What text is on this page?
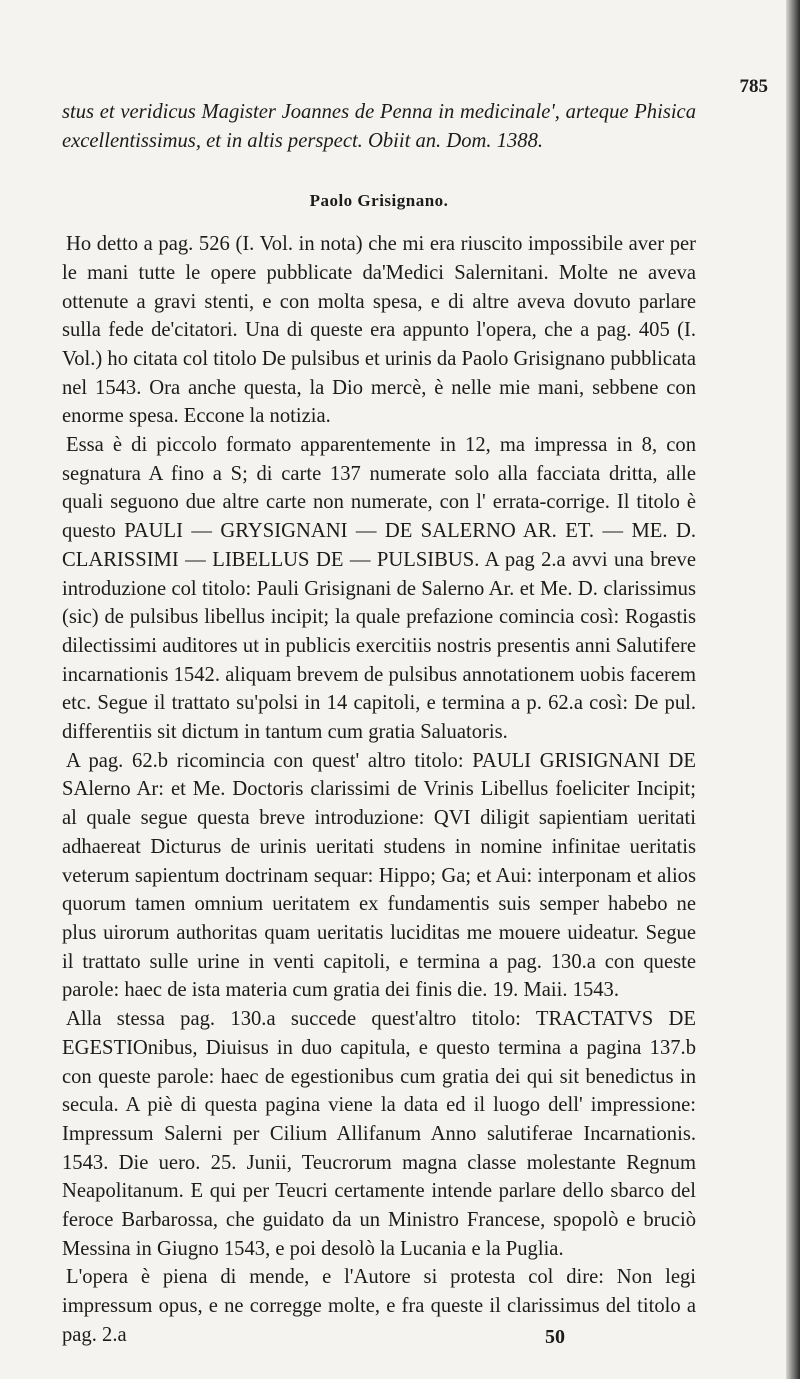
785

stus et veridicus Magister Joannes de Penna in medicinale', arteque Phisica excellentissimus, et in altis perspect. Obiit an. Dom. 1388.

Paolo Grisignano.

Ho detto a pag. 526 (I. Vol. in nota) che mi era riuscito impossibile aver per le mani tutte le opere pubblicate da'Medici Salernitani. Molte ne aveva ottenute a gravi stenti, e con molta spesa, e di altre aveva dovuto parlare sulla fede de'citatori. Una di queste era appunto l'opera, che a pag. 405 (I. Vol.) ho citata col titolo De pulsibus et urinis da Paolo Grisignano pubblicata nel 1543. Ora anche questa, la Dio mercè, è nelle mie mani, sebbene con enorme spesa. Eccone la notizia.

Essa è di piccolo formato apparentemente in 12, ma impressa in 8, con segnatura A fino a S; di carte 137 numerate solo alla facciata dritta, alle quali seguono due altre carte non numerate, con l' errata-corrige. Il titolo è questo PAULI — GRYSIGNANI — DE SALERNO AR. ET. — ME. D. CLARISSIMI — LIBELLUS DE — PULSIBUS. A pag 2.a avvi una breve introduzione col titolo: Pauli Grisignani de Salerno Ar. et Me. D. clarissimus (sic) de pulsibus libellus incipit; la quale prefazione comincia così: Rogastis dilectissimi auditores ut in publicis exercitiis nostris presentis anni Salutifere incarnationis 1542. aliquam brevem de pulsibus annotationem uobis facerem etc. Segue il trattato su'polsi in 14 capitoli, e termina a p. 62.a così: De pul. differentiis sit dictum in tantum cum gratia Saluatoris.

A pag. 62.b ricomincia con quest' altro titolo: PAULI GRISIGNANI DE SAlerno Ar: et Me. Doctoris clarissimi de Vrinis Libellus foeliciter Incipit; al quale segue questa breve introduzione: QVI diligit sapientiam ueritati adhaereat Dicturus de urinis ueritati studens in nomine infinitae ueritatis veterum sapientum doctrinam sequar: Hippo; Ga; et Aui: interponam et alios quorum tamen omnium ueritatem ex fundamentis suis semper habebo ne plus uirorum authoritas quam ueritatis luciditas me mouere uideatur. Segue il trattato sulle urine in venti capitoli, e termina a pag. 130.a con queste parole: haec de ista materia cum gratia dei finis die. 19. Maii. 1543.

Alla stessa pag. 130.a succede quest'altro titolo: TRACTATVS DE EGESTIOnibus, Diuisus in duo capitula, e questo termina a pagina 137.b con queste parole: haec de egestionibus cum gratia dei qui sit benedictus in secula. A piè di questa pagina viene la data ed il luogo dell' impressione: Impressum Salerni per Cilium Allifanum Anno salutiferae Incarnationis. 1543. Die uero. 25. Junii, Teucrorum magna classe molestante Regnum Neapolitanum. E qui per Teucri certamente intende parlare dello sbarco del feroce Barbarossa, che guidato da un Ministro Francese, spopolò e bruciò Messina in Giugno 1543, e poi desolò la Lucania e la Puglia.

L'opera è piena di mende, e l'Autore si protesta col dire: Non legi impressum opus, e ne corregge molte, e fra queste il clarissimus del titolo a pag. 2.a	50
